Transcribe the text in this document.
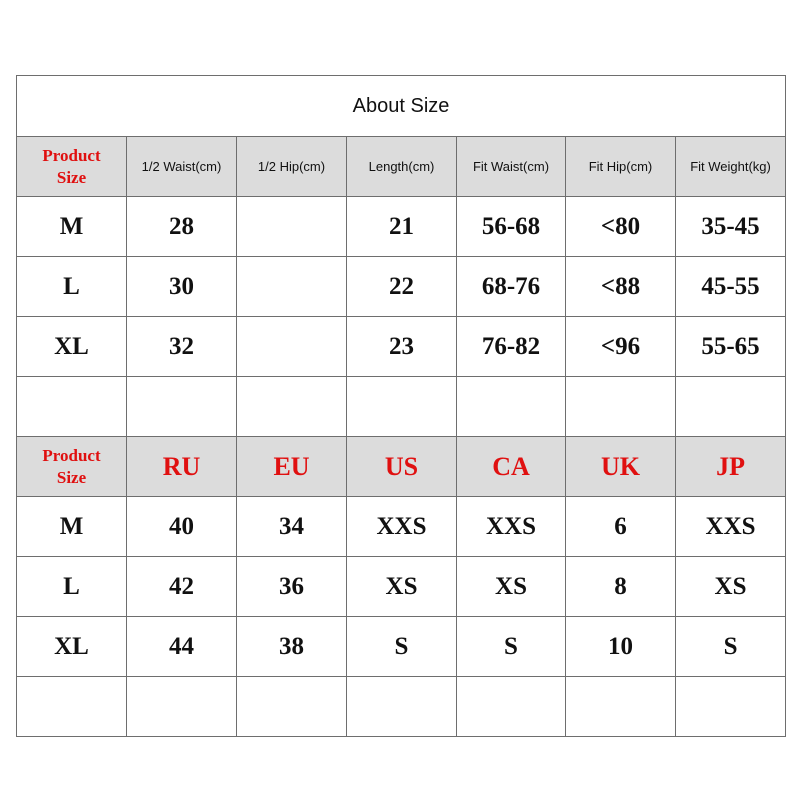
About Size						

Product
Size	1/2 Waist(cm)	1/2 Hip(cm)	Length(cm)	Fit Waist(cm)	Fit Hip(cm)	Fit Weight(kg)
M	28		21	56-68	<80	35-45
L	30		22	68-76	<88	45-55
XL	32		23	76-82	<96	55-65

Product
Size	RU	EU	US	CA	UK	JP
M	40	34	XXS	XXS	6	XXS
L	42	36	XS	XS	8	XS
XL	44	38	S	S	10	S
